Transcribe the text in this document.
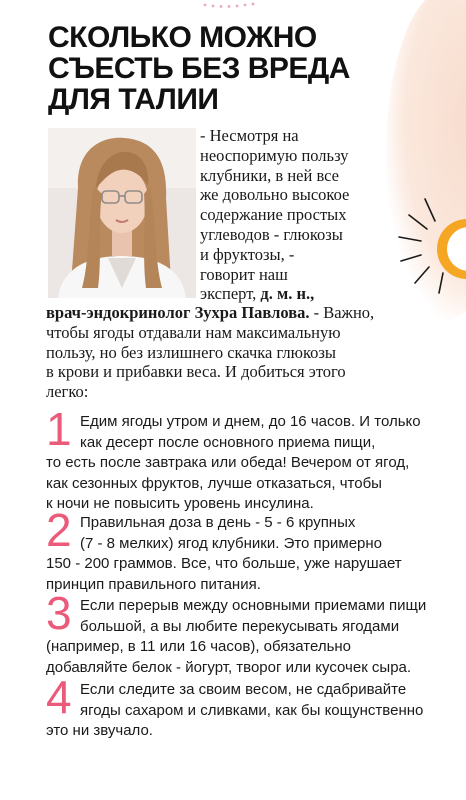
СКОЛЬКО МОЖНО
СЪЕСТЬ БЕЗ ВРЕДА
ДЛЯ ТАЛИИ
- Несмотря на
неоспоримую пользу
клубники, в ней все
же довольно высокое
содержание простых
углеводов - глюкозы
и фруктозы, -
говорит наш
эксперт, д. м. н.,
врач-эндокринолог Зухра Павлова. - Важно,
чтобы ягоды отдавали нам максимальную
пользу, но без излишнего скачка глюкозы
в крови и прибавки веса. И добиться этого
легко:
1 Едим ягоды утром и днем, до 16 часов. И только
как десерт после основного приема пищи,
то есть после завтрака или обеда! Вечером от ягод,
как сезонных фруктов, лучше отказаться, чтобы
к ночи не повысить уровень инсулина.
2 Правильная доза в день - 5 - 6 крупных
(7 - 8 мелких) ягод клубники. Это примерно
150 - 200 граммов. Все, что больше, уже нарушает
принцип правильного питания.
3 Если перерыв между основными приемами пищи
большой, а вы любите перекусывать ягодами
(например, в 11 или 16 часов), обязательно
добавляйте белок - йогурт, творог или кусочек сыра.
4 Если следите за своим весом, не сдабривайте
ягоды сахаром и сливками, как бы кощунственно
это ни звучало.
